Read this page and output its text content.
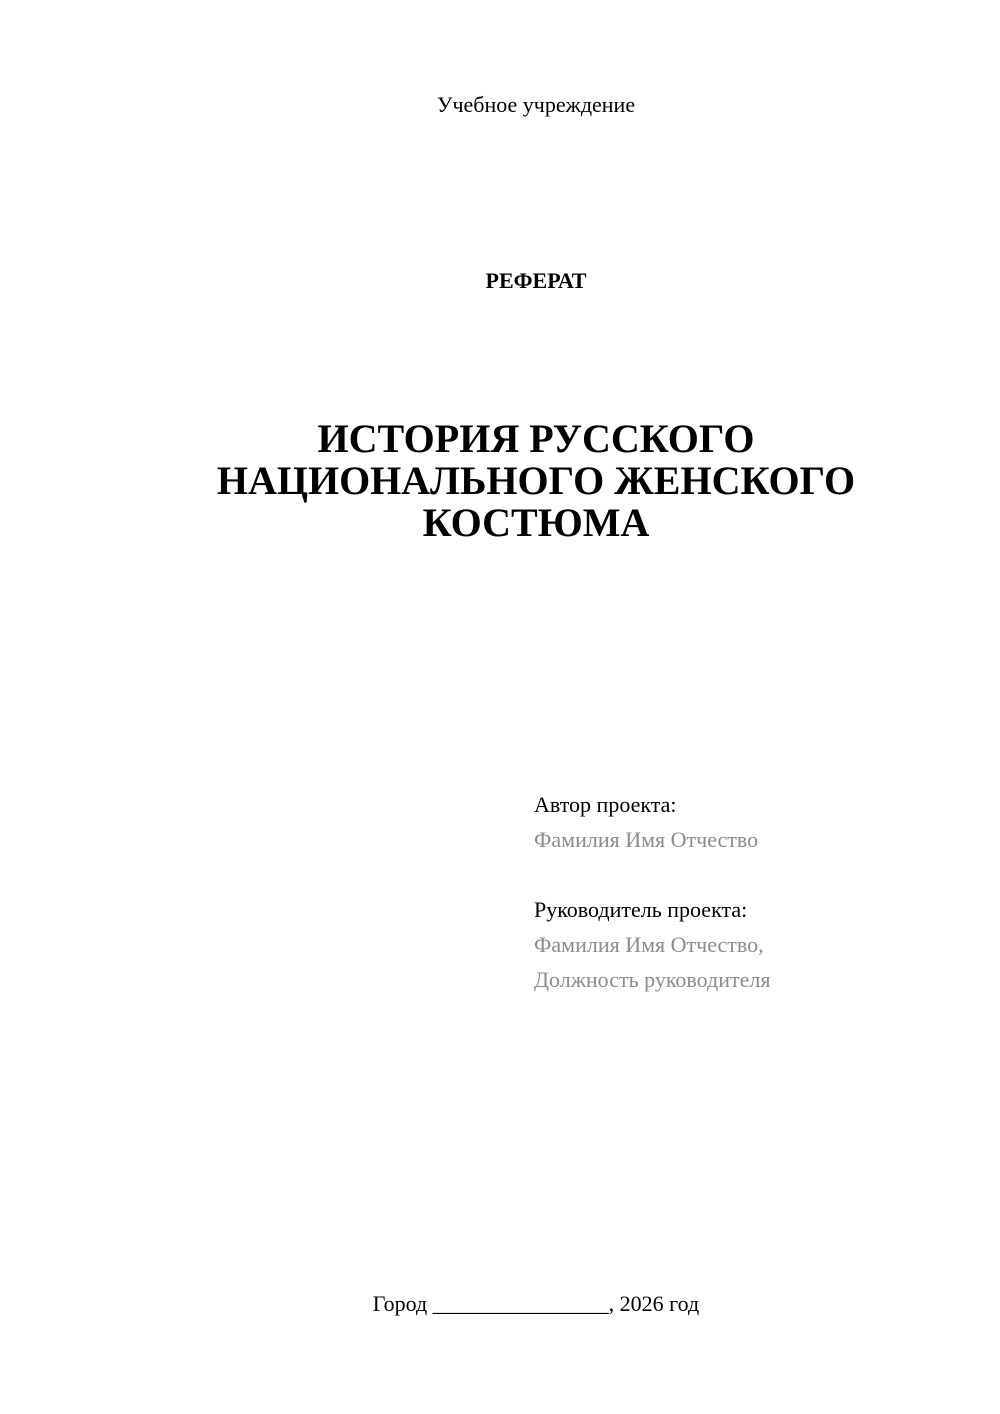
Учебное учреждение
РЕФЕРАТ
ИСТОРИЯ РУССКОГО
НАЦИОНАЛЬНОГО ЖЕНСКОГО
КОСТЮМА
Автор проекта:
Фамилия Имя Отчество
Руководитель проекта:
Фамилия Имя Отчество,
Должность руководителя
Город ________________, 2026 год
